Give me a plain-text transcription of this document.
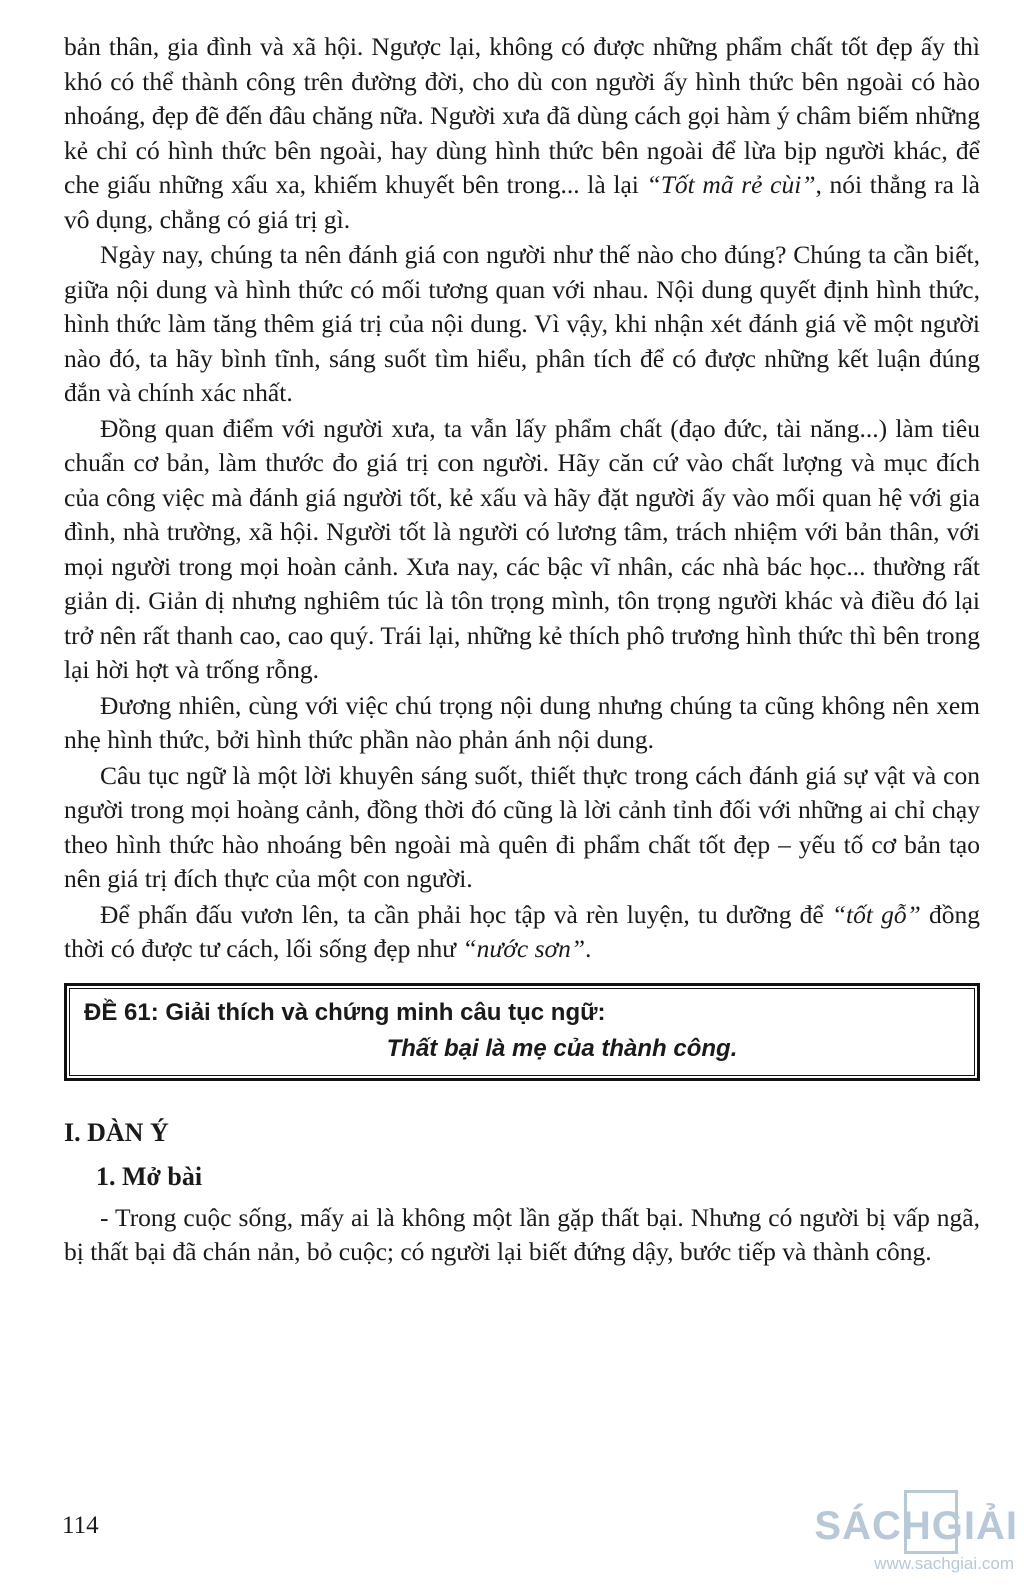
bản thân, gia đình và xã hội. Ngược lại, không có được những phẩm chất tốt đẹp ấy thì khó có thể thành công trên đường đời, cho dù con người ấy hình thức bên ngoài có hào nhoáng, đẹp đẽ đến đâu chăng nữa. Người xưa đã dùng cách gọi hàm ý châm biếm những kẻ chỉ có hình thức bên ngoài, hay dùng hình thức bên ngoài để lừa bịp người khác, để che giấu những xấu xa, khiếm khuyết bên trong... là lại “Tốt mã rẻ cùi”, nói thẳng ra là vô dụng, chẳng có giá trị gì.

Ngày nay, chúng ta nên đánh giá con người như thế nào cho đúng? Chúng ta cần biết, giữa nội dung và hình thức có mối tương quan với nhau. Nội dung quyết định hình thức, hình thức làm tăng thêm giá trị của nội dung. Vì vậy, khi nhận xét đánh giá về một người nào đó, ta hãy bình tĩnh, sáng suốt tìm hiểu, phân tích để có được những kết luận đúng đắn và chính xác nhất.

Đồng quan điểm với người xưa, ta vẫn lấy phẩm chất (đạo đức, tài năng...) làm tiêu chuẩn cơ bản, làm thước đo giá trị con người. Hãy căn cứ vào chất lượng và mục đích của công việc mà đánh giá người tốt, kẻ xấu và hãy đặt người ấy vào mối quan hệ với gia đình, nhà trường, xã hội. Người tốt là người có lương tâm, trách nhiệm với bản thân, với mọi người trong mọi hoàn cảnh. Xưa nay, các bậc vĩ nhân, các nhà bác học... thường rất giản dị. Giản dị nhưng nghiêm túc là tôn trọng mình, tôn trọng người khác và điều đó lại trở nên rất thanh cao, cao quý. Trái lại, những kẻ thích phô trương hình thức thì bên trong lại hời hợt và trống rỗng.

Đương nhiên, cùng với việc chú trọng nội dung nhưng chúng ta cũng không nên xem nhẹ hình thức, bởi hình thức phần nào phản ánh nội dung.

Câu tục ngữ là một lời khuyên sáng suốt, thiết thực trong cách đánh giá sự vật và con người trong mọi hoàng cảnh, đồng thời đó cũng là lời cảnh tỉnh đối với những ai chỉ chạy theo hình thức hào nhoáng bên ngoài mà quên đi phẩm chất tốt đẹp – yếu tố cơ bản tạo nên giá trị đích thực của một con người.

Để phấn đấu vươn lên, ta cần phải học tập và rèn luyện, tu dưỡng để “tốt gỗ” đồng thời có được tư cách, lối sống đẹp như “nước sơn”.

ĐỀ 61: Giải thích và chứng minh câu tục ngữ:
Thất bại là mẹ của thành công.
I. DÀN Ý
1. Mở bài

- Trong cuộc sống, mấy ai là không một lần gặp thất bại. Nhưng có người bị vấp ngã, bị thất bại đã chán nản, bỏ cuộc; có người lại biết đứng dậy, bước tiếp và thành công.

114	SÁCHGIẢI
www.sachgiai.com
